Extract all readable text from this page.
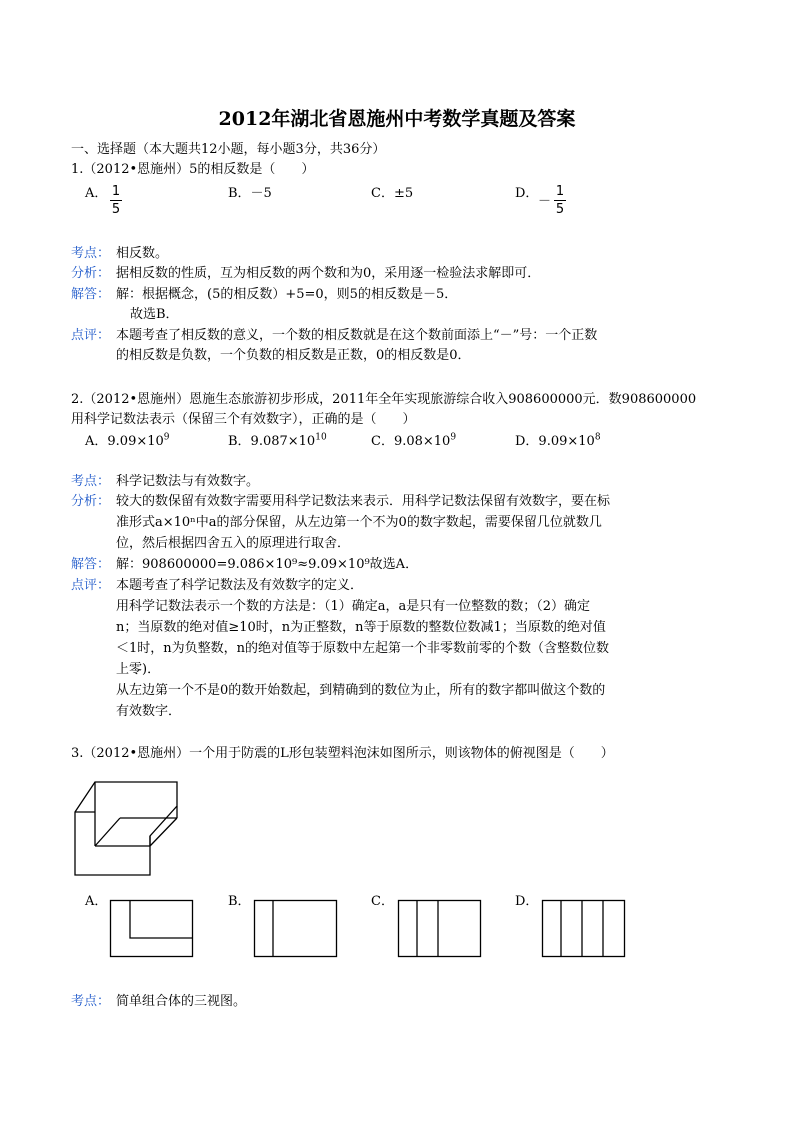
2012年湖北省恩施州中考数学真题及答案
一、选择题（本大题共12小题，每小题3分，共36分）
1.（2012•恩施州）5的相反数是（　　）
A． 1
5
B．－5	C．±5	D．
－
1
5
考点： 相反数。
分析： 据相反数的性质，互为相反数的两个数和为0，采用逐一检验法求解即可．
解答： 解：根据概念，(5的相反数）+5=0，则5的相反数是－5．
故选B．
点评： 本题考查了相反数的意义，一个数的相反数就是在这个数前面添上“－”号：一个正数
的相反数是负数，一个负数的相反数是正数，0的相反数是0．
2.（2012•恩施州）恩施生态旅游初步形成，2011年全年实现旅游综合收入908600000元．数908600000
用科学记数法表示（保留三个有效数字），正确的是（　　）
A．$9.09\times 10^9$	B．$9.087\times 10^{10}$	C．$9.08\times 10^9$	D．$9.09\times 10^8$
考点： 科学记数法与有效数字。
分析： 较大的数保留有效数字需要用科学记数法来表示．用科学记数法保留有效数字，要在标
准形式a×10ⁿ中a的部分保留，从左边第一个不为0的数字数起，需要保留几位就数几
位，然后根据四舍五入的原理进行取舍．
解答： 解：908600000=9.086×10⁹≈9.09×10⁹故选A．
点评： 本题考查了科学记数法及有效数字的定义．
用科学记数法表示一个数的方法是：（1）确定a，a是只有一位整数的数；（2）确定
n；当原数的绝对值≥10时，n为正整数，n等于原数的整数位数减1；当原数的绝对值
＜1时，n为负整数，n的绝对值等于原数中左起第一个非零数前零的个数（含整数位数
上零)．
从左边第一个不是0的数开始数起，到精确到的数位为止，所有的数字都叫做这个数的
有效数字．
3.（2012•恩施州）一个用于防震的L形包装塑料泡沫如图所示，则该物体的俯视图是（　　）
A．	B．	C．	D．
考点： 简单组合体的三视图。
